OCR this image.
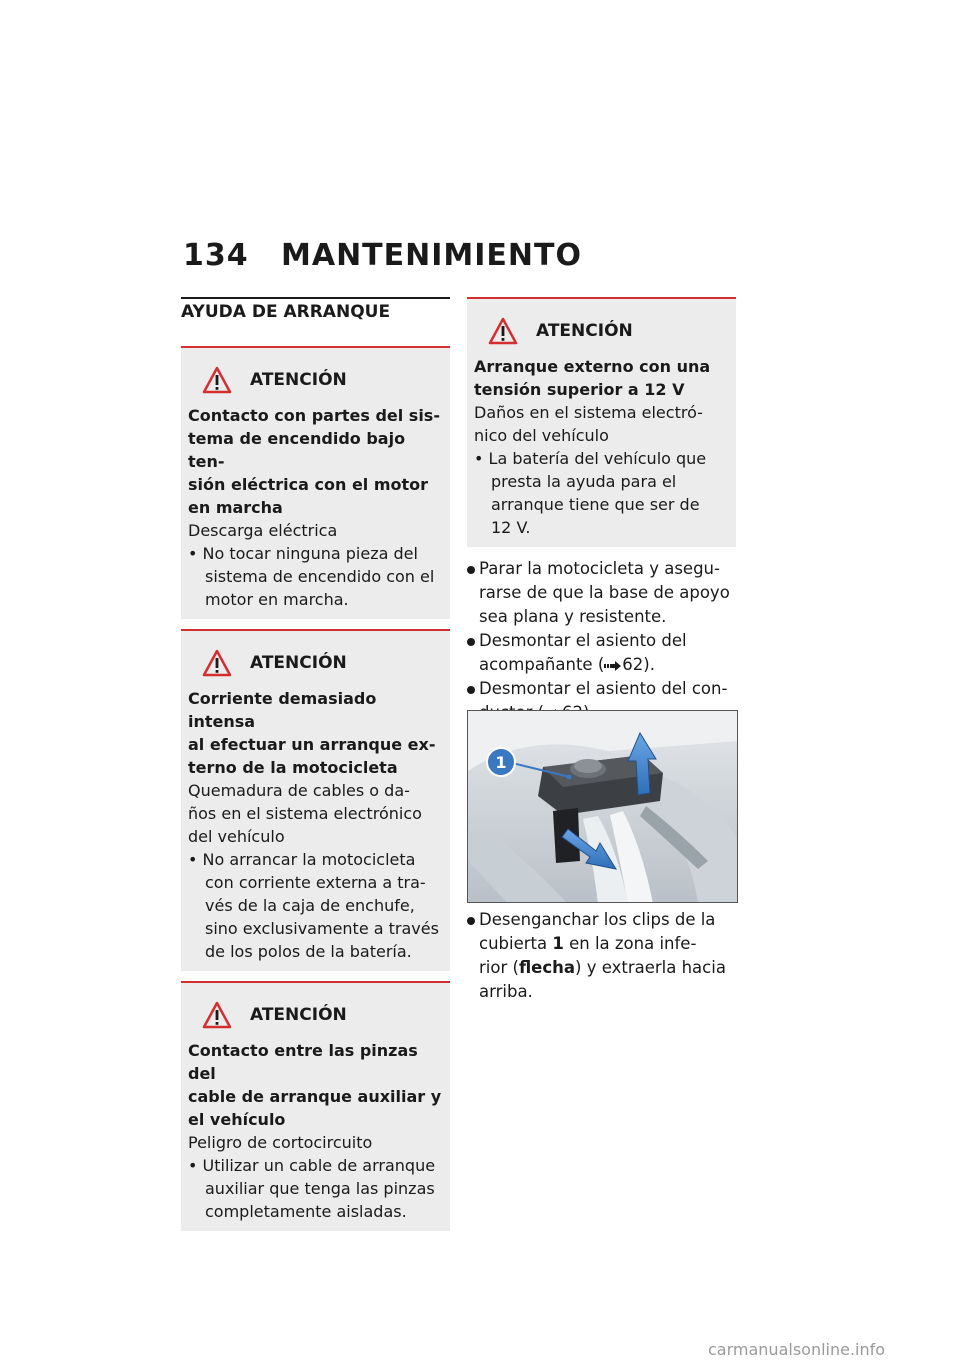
134 MANTENIMIENTO
AYUDA DE ARRANQUE
ATENCIÓN
Contacto con partes del sis-
tema de encendido bajo ten-
sión eléctrica con el motor
en marcha
Descarga eléctrica
• No tocar ninguna pieza del
sistema de encendido con el
motor en marcha.
ATENCIÓN
Corriente demasiado intensa
al efectuar un arranque ex-
terno de la motocicleta
Quemadura de cables o da-
ños en el sistema electrónico
del vehículo
• No arrancar la motocicleta
con corriente externa a tra-
vés de la caja de enchufe,
sino exclusivamente a través
de los polos de la batería.
ATENCIÓN
Contacto entre las pinzas del
cable de arranque auxiliar y
el vehículo
Peligro de cortocircuito
• Utilizar un cable de arranque
auxiliar que tenga las pinzas
completamente aisladas.
ATENCIÓN
Arranque externo con una
tensión superior a 12 V
Daños en el sistema electró-
nico del vehículo
• La batería del vehículo que
presta la ayuda para el
arranque tiene que ser de
12 V.
Parar la motocicleta y asegu-
rarse de que la base de apoyo
sea plana y resistente.
Desmontar el asiento del
acompañante ( 62).
Desmontar el asiento del con-
1
Desenganchar los clips de la
cubierta 1 en la zona infe-
rior (flecha) y extraerla hacia
arriba.
carmanualsonline.info
